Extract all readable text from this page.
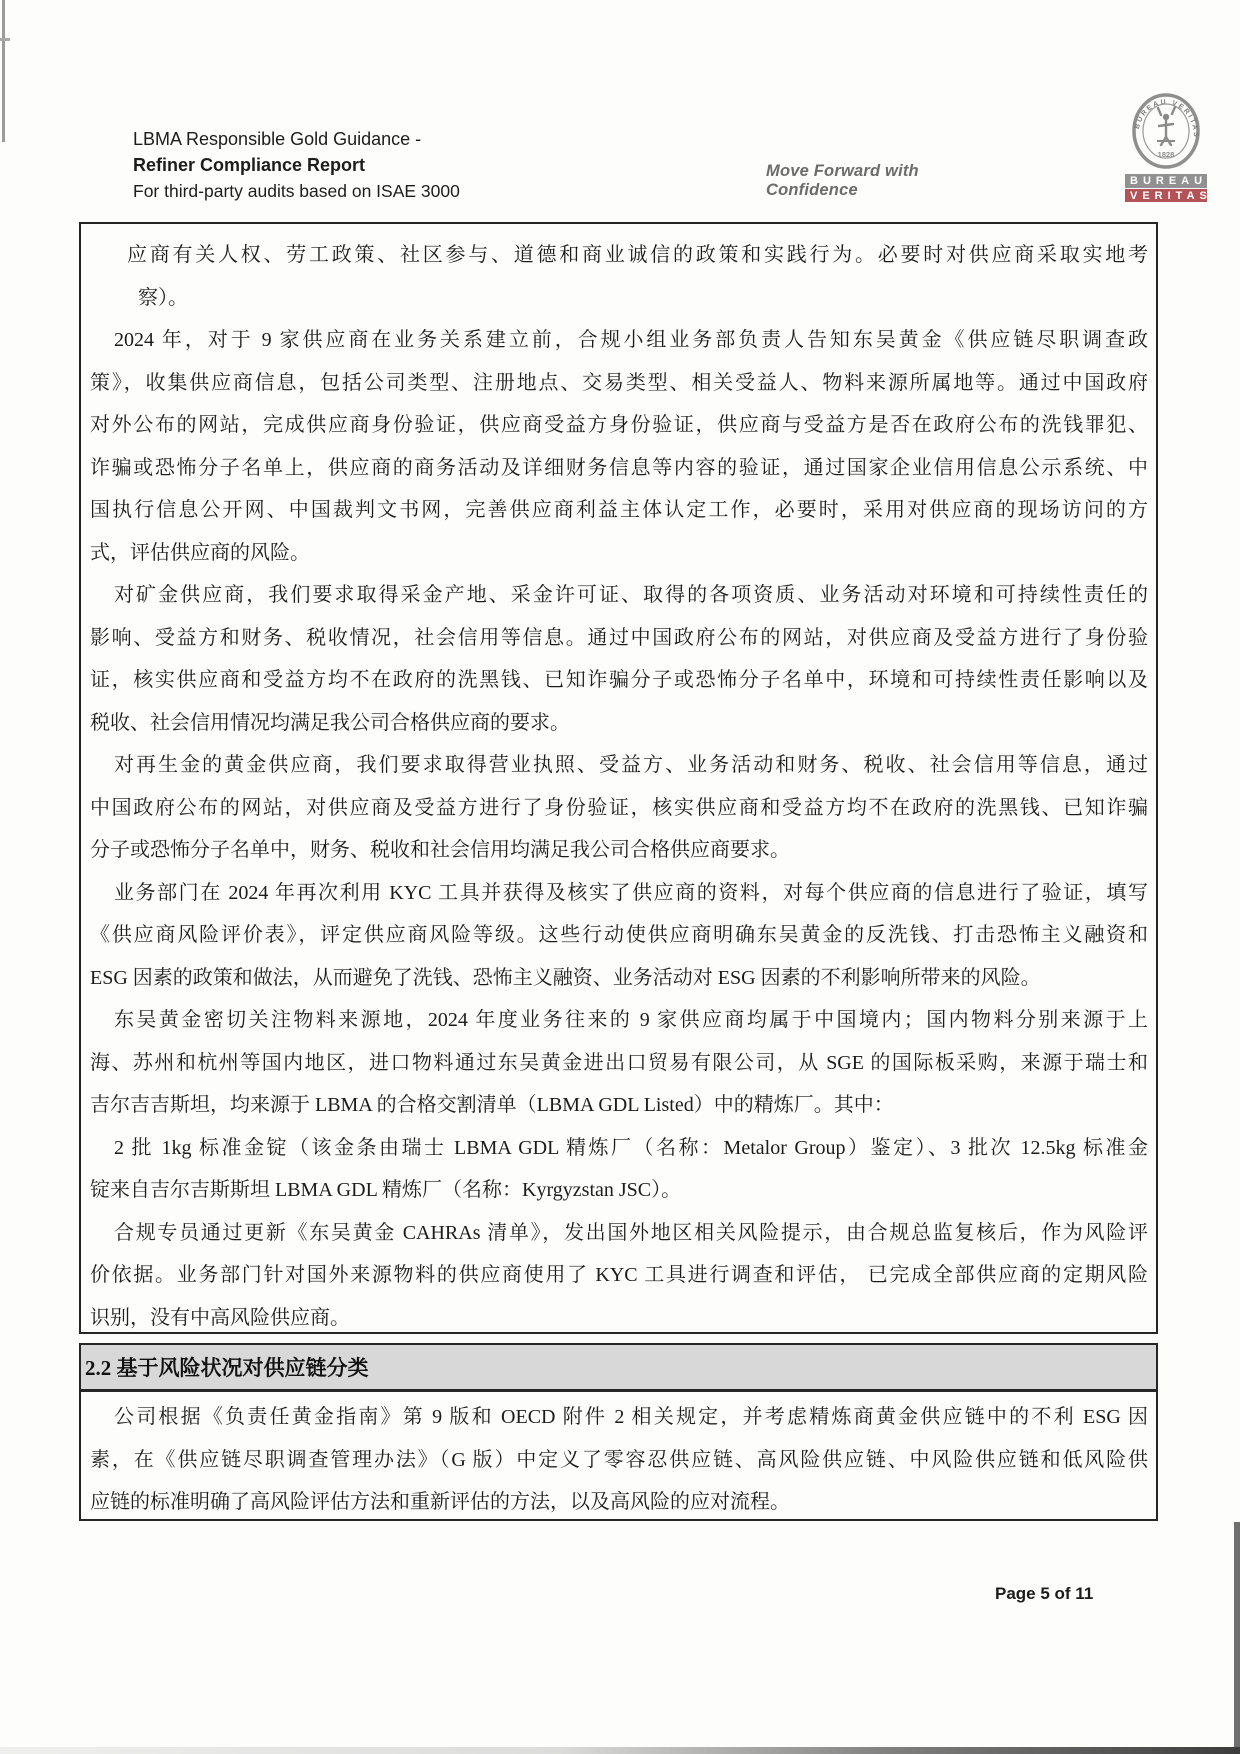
LBMA Responsible Gold Guidance -
Refiner Compliance Report
For third-party audits based on ISAE 3000
Move Forward with Confidence
BUREAU VERITAS
1828
BUREAU
VERITAS
应商有关人权、劳工政策、社区参与、道德和商业诚信的政策和实践行为。必要时对供应商采取实地考
察）。
2024 年，对于 9 家供应商在业务关系建立前，合规小组业务部负责人告知东吴黄金《供应链尽职调查政
策》，收集供应商信息，包括公司类型、注册地点、交易类型、相关受益人、物料来源所属地等。通过中国政府
对外公布的网站，完成供应商身份验证，供应商受益方身份验证，供应商与受益方是否在政府公布的洗钱罪犯、
诈骗或恐怖分子名单上，供应商的商务活动及详细财务信息等内容的验证，通过国家企业信用信息公示系统、中
国执行信息公开网、中国裁判文书网，完善供应商利益主体认定工作，必要时，采用对供应商的现场访问的方
式，评估供应商的风险。
对矿金供应商，我们要求取得采金产地、采金许可证、取得的各项资质、业务活动对环境和可持续性责任的
影响、受益方和财务、税收情况，社会信用等信息。通过中国政府公布的网站，对供应商及受益方进行了身份验
证，核实供应商和受益方均不在政府的洗黑钱、已知诈骗分子或恐怖分子名单中，环境和可持续性责任影响以及
税收、社会信用情况均满足我公司合格供应商的要求。
对再生金的黄金供应商，我们要求取得营业执照、受益方、业务活动和财务、税收、社会信用等信息，通过
中国政府公布的网站，对供应商及受益方进行了身份验证，核实供应商和受益方均不在政府的洗黑钱、已知诈骗
分子或恐怖分子名单中，财务、税收和社会信用均满足我公司合格供应商要求。
业务部门在 2024 年再次利用 KYC 工具并获得及核实了供应商的资料，对每个供应商的信息进行了验证，填写
《供应商风险评价表》，评定供应商风险等级。这些行动使供应商明确东吴黄金的反洗钱、打击恐怖主义融资和
ESG 因素的政策和做法，从而避免了洗钱、恐怖主义融资、业务活动对 ESG 因素的不利影响所带来的风险。
东吴黄金密切关注物料来源地，2024 年度业务往来的 9 家供应商均属于中国境内；国内物料分别来源于上
海、苏州和杭州等国内地区，进口物料通过东吴黄金进出口贸易有限公司，从 SGE 的国际板采购，来源于瑞士和
吉尔吉吉斯坦，均来源于 LBMA 的合格交割清单（LBMA GDL Listed）中的精炼厂。其中：
2 批 1kg 标准金锭（该金条由瑞士 LBMA GDL 精炼厂（名称：Metalor Group）鉴定）、3 批次 12.5kg 标准金
锭来自吉尔吉斯斯坦 LBMA GDL 精炼厂（名称：Kyrgyzstan JSC）。
合规专员通过更新《东吴黄金 CAHRAs 清单》，发出国外地区相关风险提示，由合规总监复核后，作为风险评
价依据。业务部门针对国外来源物料的供应商使用了 KYC 工具进行调查和评估， 已完成全部供应商的定期风险
识别，没有中高风险供应商。
2.2 基于风险状况对供应链分类
公司根据《负责任黄金指南》第 9 版和 OECD 附件 2 相关规定，并考虑精炼商黄金供应链中的不利 ESG 因
素，在《供应链尽职调查管理办法》（G 版）中定义了零容忍供应链、高风险供应链、中风险供应链和低风险供
应链的标准明确了高风险评估方法和重新评估的方法，以及高风险的应对流程。
Page 5 of 11
